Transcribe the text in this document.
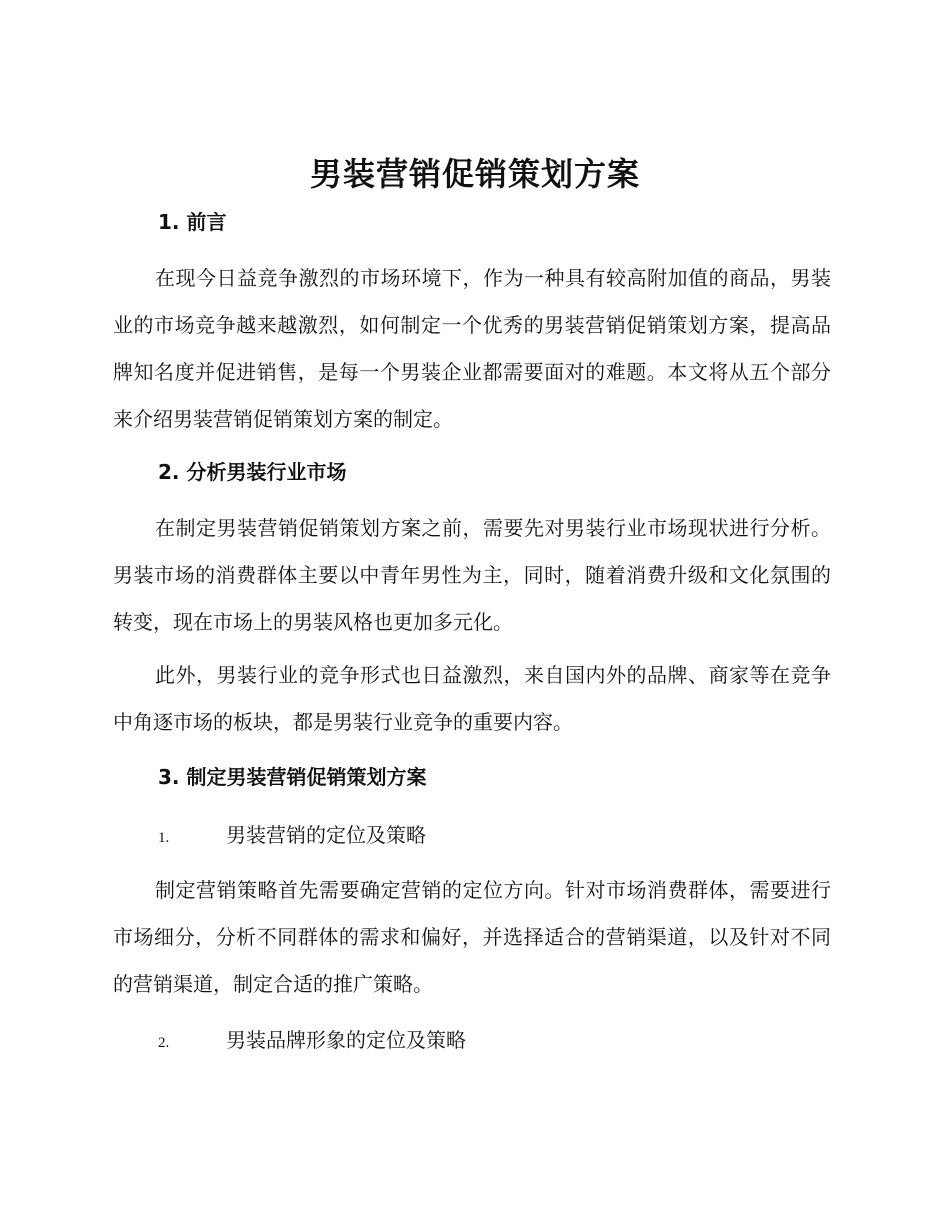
男装营销促销策划方案
1. 前言

在现今日益竞争激烈的市场环境下，作为一种具有较高附加值的商品，男装业的市场竞争越来越激烈，如何制定一个优秀的男装营销促销策划方案，提高品牌知名度并促进销售，是每一个男装企业都需要面对的难题。本文将从五个部分来介绍男装营销促销策划方案的制定。

2. 分析男装行业市场

在制定男装营销促销策划方案之前，需要先对男装行业市场现状进行分析。男装市场的消费群体主要以中青年男性为主，同时，随着消费升级和文化氛围的转变，现在市场上的男装风格也更加多元化。

此外，男装行业的竞争形式也日益激烈，来自国内外的品牌、商家等在竞争中角逐市场的板块，都是男装行业竞争的重要内容。

3. 制定男装营销促销策划方案
1.	男装营销的定位及策略

制定营销策略首先需要确定营销的定位方向。针对市场消费群体，需要进行市场细分，分析不同群体的需求和偏好，并选择适合的营销渠道，以及针对不同的营销渠道，制定合适的推广策略。

2.	男装品牌形象的定位及策略
